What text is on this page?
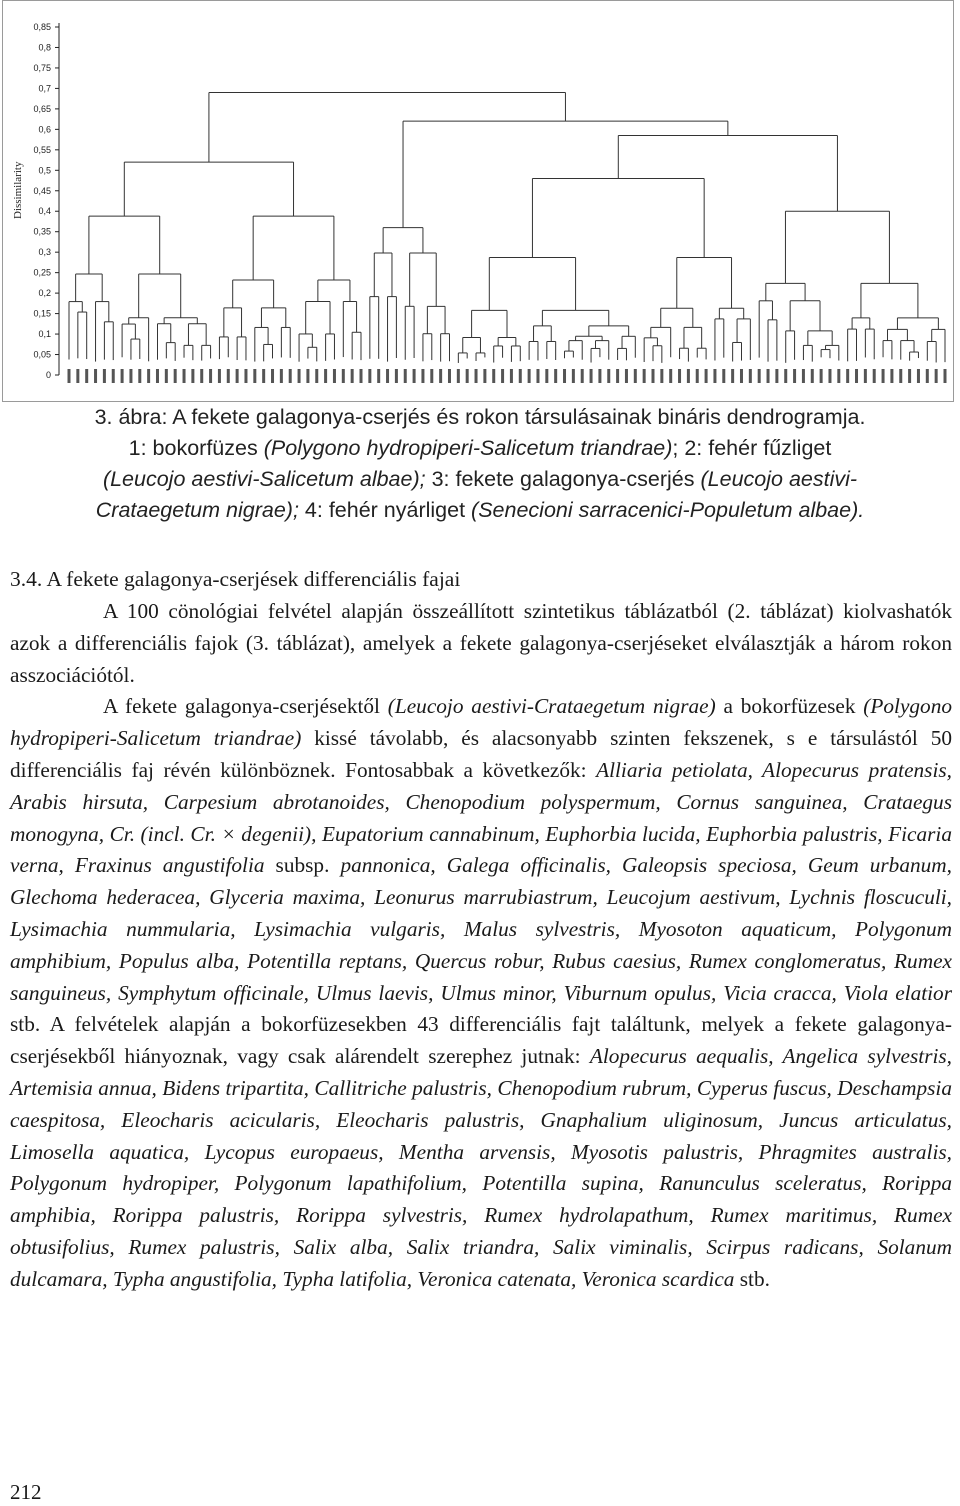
Dissimilarity
0
0,05
0,1
0,15
0,2
0,25
0,3
0,35
0,4
0,45
0,5
0,55
0,6
0,65
0,7
0,75
0,8
0,85
3. ábra: A fekete galagonya-cserjés és rokon társulásainak bináris dendrogramja.
1: bokorfüzes (Polygono hydropiperi-Salicetum triandrae); 2: fehér fűzliget
(Leucojo aestivi-Salicetum albae); 3: fekete galagonya-cserjés (Leucojo aestivi-
Crataegetum nigrae); 4: fehér nyárliget (Senecioni sarracenici-Populetum albae).
3.4. A fekete galagonya-cserjések differenciális fajai

A 100 cönológiai felvétel alapján összeállított szintetikus táblázatból (2. táblázat) kiolvashatók azok a differenciális fajok (3. táblázat), amelyek a fekete galagonya-cserjéseket elválasztják a három rokon asszociációtól.

A fekete galagonya-cserjésektől (Leucojo aestivi-Crataegetum nigrae) a bokorfüzesek (Polygono hydropiperi-Salicetum triandrae) kissé távolabb, és alacsonyabb szinten fekszenek, s e társulástól 50 differenciális faj révén különböznek. Fontosabbak a következők: Alliaria petiolata, Alopecurus pratensis, Arabis hirsuta, Carpesium abrotanoides, Chenopodium polyspermum, Cornus sanguinea, Crataegus monogyna, Cr. (incl. Cr. × degenii), Eupatorium cannabinum, Euphorbia lucida, Euphorbia palustris, Ficaria verna, Fraxinus angustifolia subsp. pannonica, Galega officinalis, Galeopsis speciosa, Geum urbanum, Glechoma hederacea, Glyceria maxima, Leonurus marrubiastrum, Leucojum aestivum, Lychnis floscuculi, Lysimachia nummularia, Lysimachia vulgaris, Malus sylvestris, Myosoton aquaticum, Polygonum amphibium, Populus alba, Potentilla reptans, Quercus robur, Rubus caesius, Rumex conglomeratus, Rumex sanguineus, Symphytum officinale, Ulmus laevis, Ulmus minor, Viburnum opulus, Vicia cracca, Viola elatior stb. A felvételek alapján a bokorfüzesekben 43 differenciális fajt találtunk, melyek a fekete galagonya-cserjésekből hiányoznak, vagy csak alárendelt szerephez jutnak: Alopecurus aequalis, Angelica sylvestris, Artemisia annua, Bidens tripartita, Callitriche palustris, Chenopodium rubrum, Cyperus fuscus, Deschampsia caespitosa, Eleocharis acicularis, Eleocharis palustris, Gnaphalium uliginosum, Juncus articulatus, Limosella aquatica, Lycopus europaeus, Mentha arvensis, Myosotis palustris, Phragmites australis, Polygonum hydropiper, Polygonum lapathifolium, Potentilla supina, Ranunculus sceleratus, Rorippa amphibia, Rorippa palustris, Rorippa sylvestris, Rumex hydrolapathum, Rumex maritimus, Rumex obtusifolius, Rumex palustris, Salix alba, Salix triandra, Salix viminalis, Scirpus radicans, Solanum dulcamara, Typha angustifolia, Typha latifolia, Veronica catenata, Veronica scardica stb.

212
